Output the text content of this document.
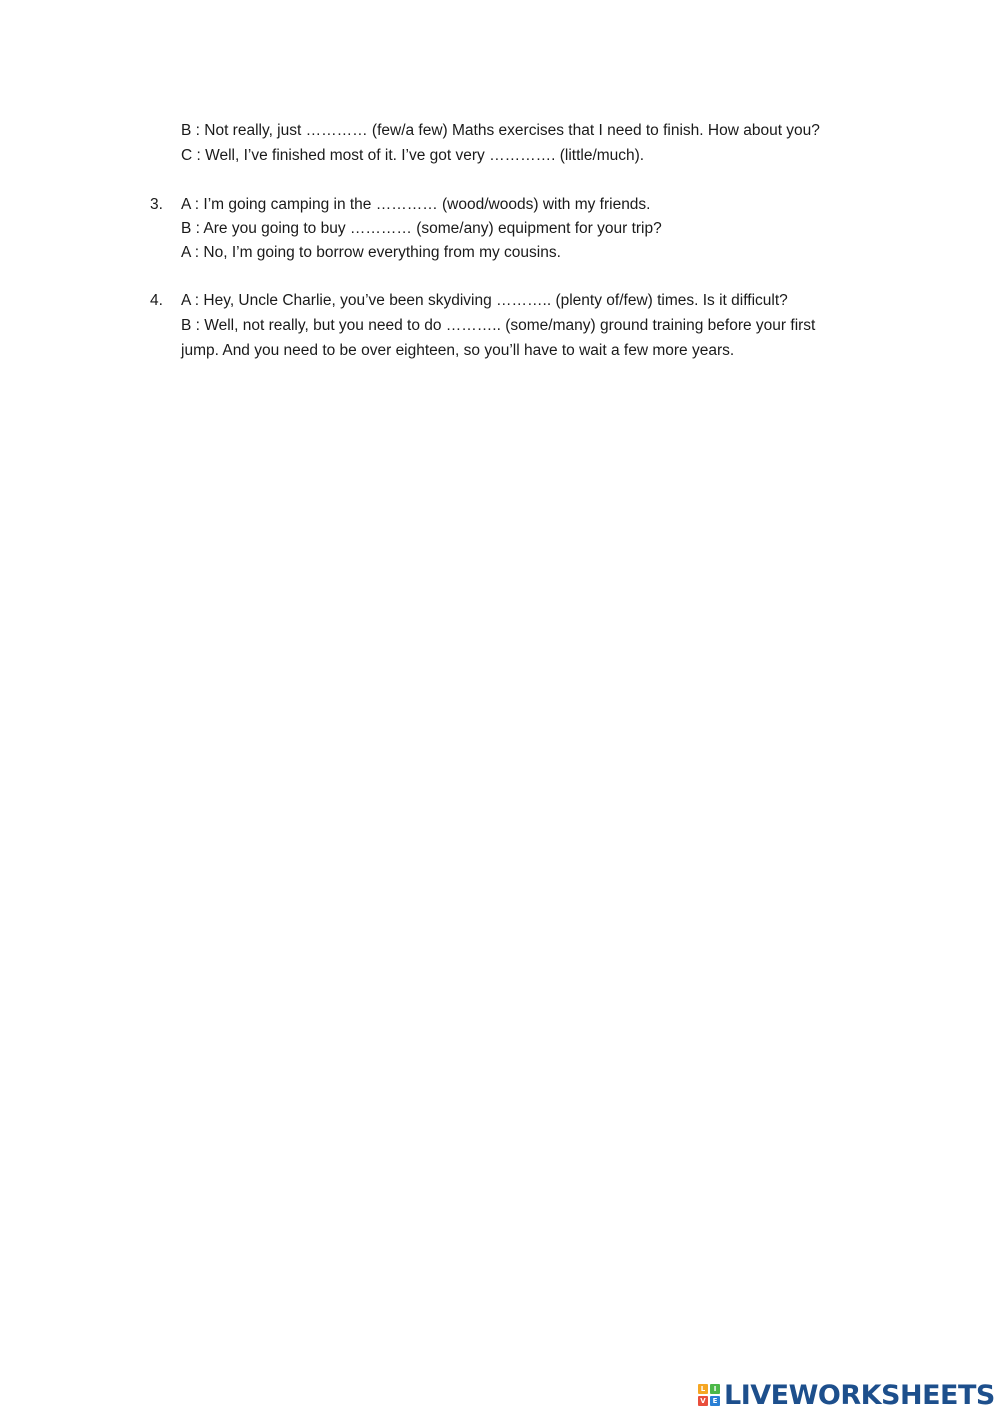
B : Not really, just ………… (few/a few) Maths exercises that I need to finish. How about you?
C : Well, I’ve finished most of it. I’ve got very …………. (little/much).
3. A : I’m going camping in the ………… (wood/woods) with my friends.
B : Are you going to buy ………… (some/any) equipment for your trip?
A : No, I’m going to borrow everything from my cousins.
4. A : Hey, Uncle Charlie, you’ve been skydiving ……….. (plenty of/few) times. Is it difficult?
B : Well, not really, but you need to do ……….. (some/many) ground training before your first
jump. And you need to be over eighteen, so you’ll have to wait a few more years.
L	I
V E LIVEWORKSHEETS
